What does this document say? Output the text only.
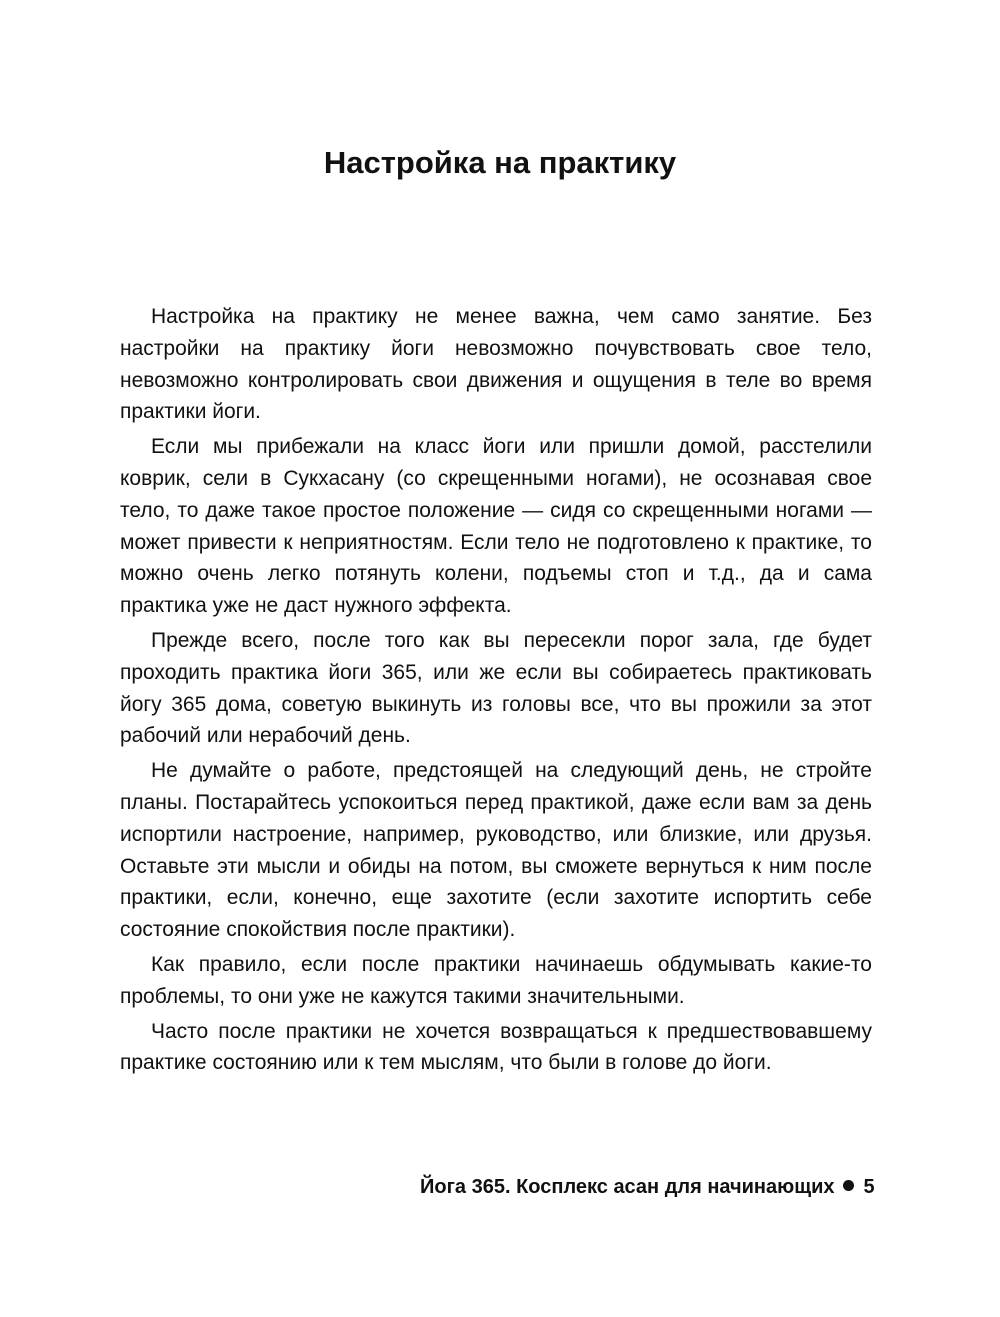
Настройка на практику

Настройка на практику не менее важна, чем само занятие. Без настройки на практику йоги невозможно почувствовать свое тело, невозможно контролировать свои движения и ощущения в теле во время практики йоги.

Если мы прибежали на класс йоги или пришли домой, расстелили коврик, сели в Сукхасану (со скрещенными ногами), не осознавая свое тело, то даже такое простое положение — сидя со скрещенными ногами — может привести к неприятностям. Если тело не подготовлено к практике, то можно очень легко потянуть колени, подъемы стоп и т.д., да и сама практика уже не даст нужного эффекта.

Прежде всего, после того как вы пересекли порог зала, где будет проходить практика йоги 365, или же если вы собираетесь практиковать йогу 365 дома, советую выкинуть из головы все, что вы прожили за этот рабочий или нерабочий день.

Не думайте о работе, предстоящей на следующий день, не стройте планы. Постарайтесь успокоиться перед практикой, даже если вам за день испортили настроение, например, руководство, или близкие, или друзья. Оставьте эти мысли и обиды на потом, вы сможете вернуться к ним после практики, если, конечно, еще захотите (если захотите испортить себе состояние спокойствия после практики).

Как правило, если после практики начинаешь обдумывать какие-то проблемы, то они уже не кажутся такими значительными.

Часто после практики не хочется возвращаться к предшествовавшему практике состоянию или к тем мыслям, что были в голове до йоги.

Йога 365. Косплекс асан для начинающих 5
